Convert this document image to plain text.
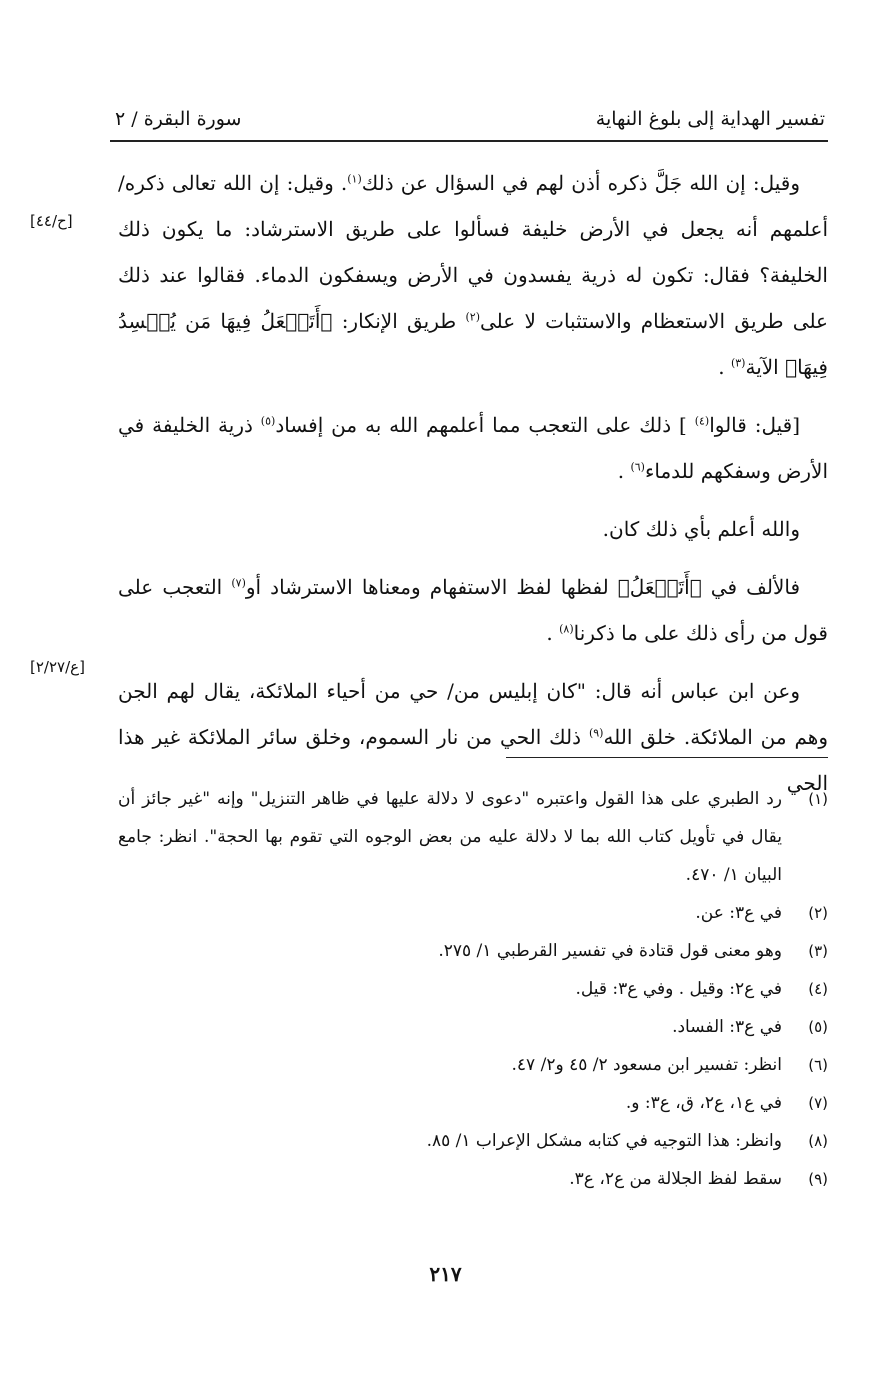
تفسير الهداية إلى بلوغ النهاية
سورة البقرة / ٢
[ح/٤٤]
[ع/٢/٢٧]

وقيل: إن الله جَلَّ ذكره أذن لهم في السؤال عن ذلك$^{(١)}$. وقيل: إن الله تعالى ذكره/ أعلمهم أنه يجعل في الأرض خليفة فسألوا على طريق الاسترشاد: ما يكون ذلك الخليفة؟ فقال: تكون له ذرية يفسدون في الأرض ويسفكون الدماء. فقالوا عند ذلك على طريق الاستعظام والاستثبات لا على$^{(٢)}$ طريق الإنكار: ﴿أَتَجۡعَلُ فِيهَا مَن يُفۡسِدُ فِيهَا﴾ الآية$^{(٣)}$ .

[قيل: قالوا$^{(٤)}$ ] ذلك على التعجب مما أعلمهم الله به من إفساد$^{(٥)}$ ذرية الخليفة في الأرض وسفكهم للدماء$^{(٦)}$ .

والله أعلم بأي ذلك كان.

فالألف في ﴿أَتَجۡعَلُ﴾ لفظها لفظ الاستفهام ومعناها الاسترشاد أو$^{(٧)}$ التعجب على قول من رأى ذلك على ما ذكرنا$^{(٨)}$ .

وعن ابن عباس أنه قال: "كان إبليس من/ حي من أحياء الملائكة، يقال لهم الجن وهم من الملائكة. خلق الله$^{(٩)}$ ذلك الحي من نار السموم، وخلق سائر الملائكة غير هذا الحي

(١)
رد الطبري على هذا القول واعتبره "دعوى لا دلالة عليها في ظاهر التنزيل" وإنه "غير جائز أن يقال في تأويل كتاب الله بما لا دلالة عليه من بعض الوجوه التي تقوم بها الحجة". انظر: جامع البيان ١/ ٤٧٠.
(٢)
في ع٣: عن.
(٣)
وهو معنى قول قتادة في تفسير القرطبي ١/ ٢٧٥.
(٤)
في ع٢: وقيل . وفي ع٣: قيل.
(٥)
في ع٣: الفساد.
(٦)
انظر: تفسير ابن مسعود ٢/ ٤٥ و٢/ ٤٧.
(٧)
في ع١، ع٢، ق، ع٣: و.
(٨)
وانظر: هذا التوجيه في كتابه مشكل الإعراب ١/ ٨٥.
(٩)
سقط لفظ الجلالة من ع٢، ع٣.
٢١٧
